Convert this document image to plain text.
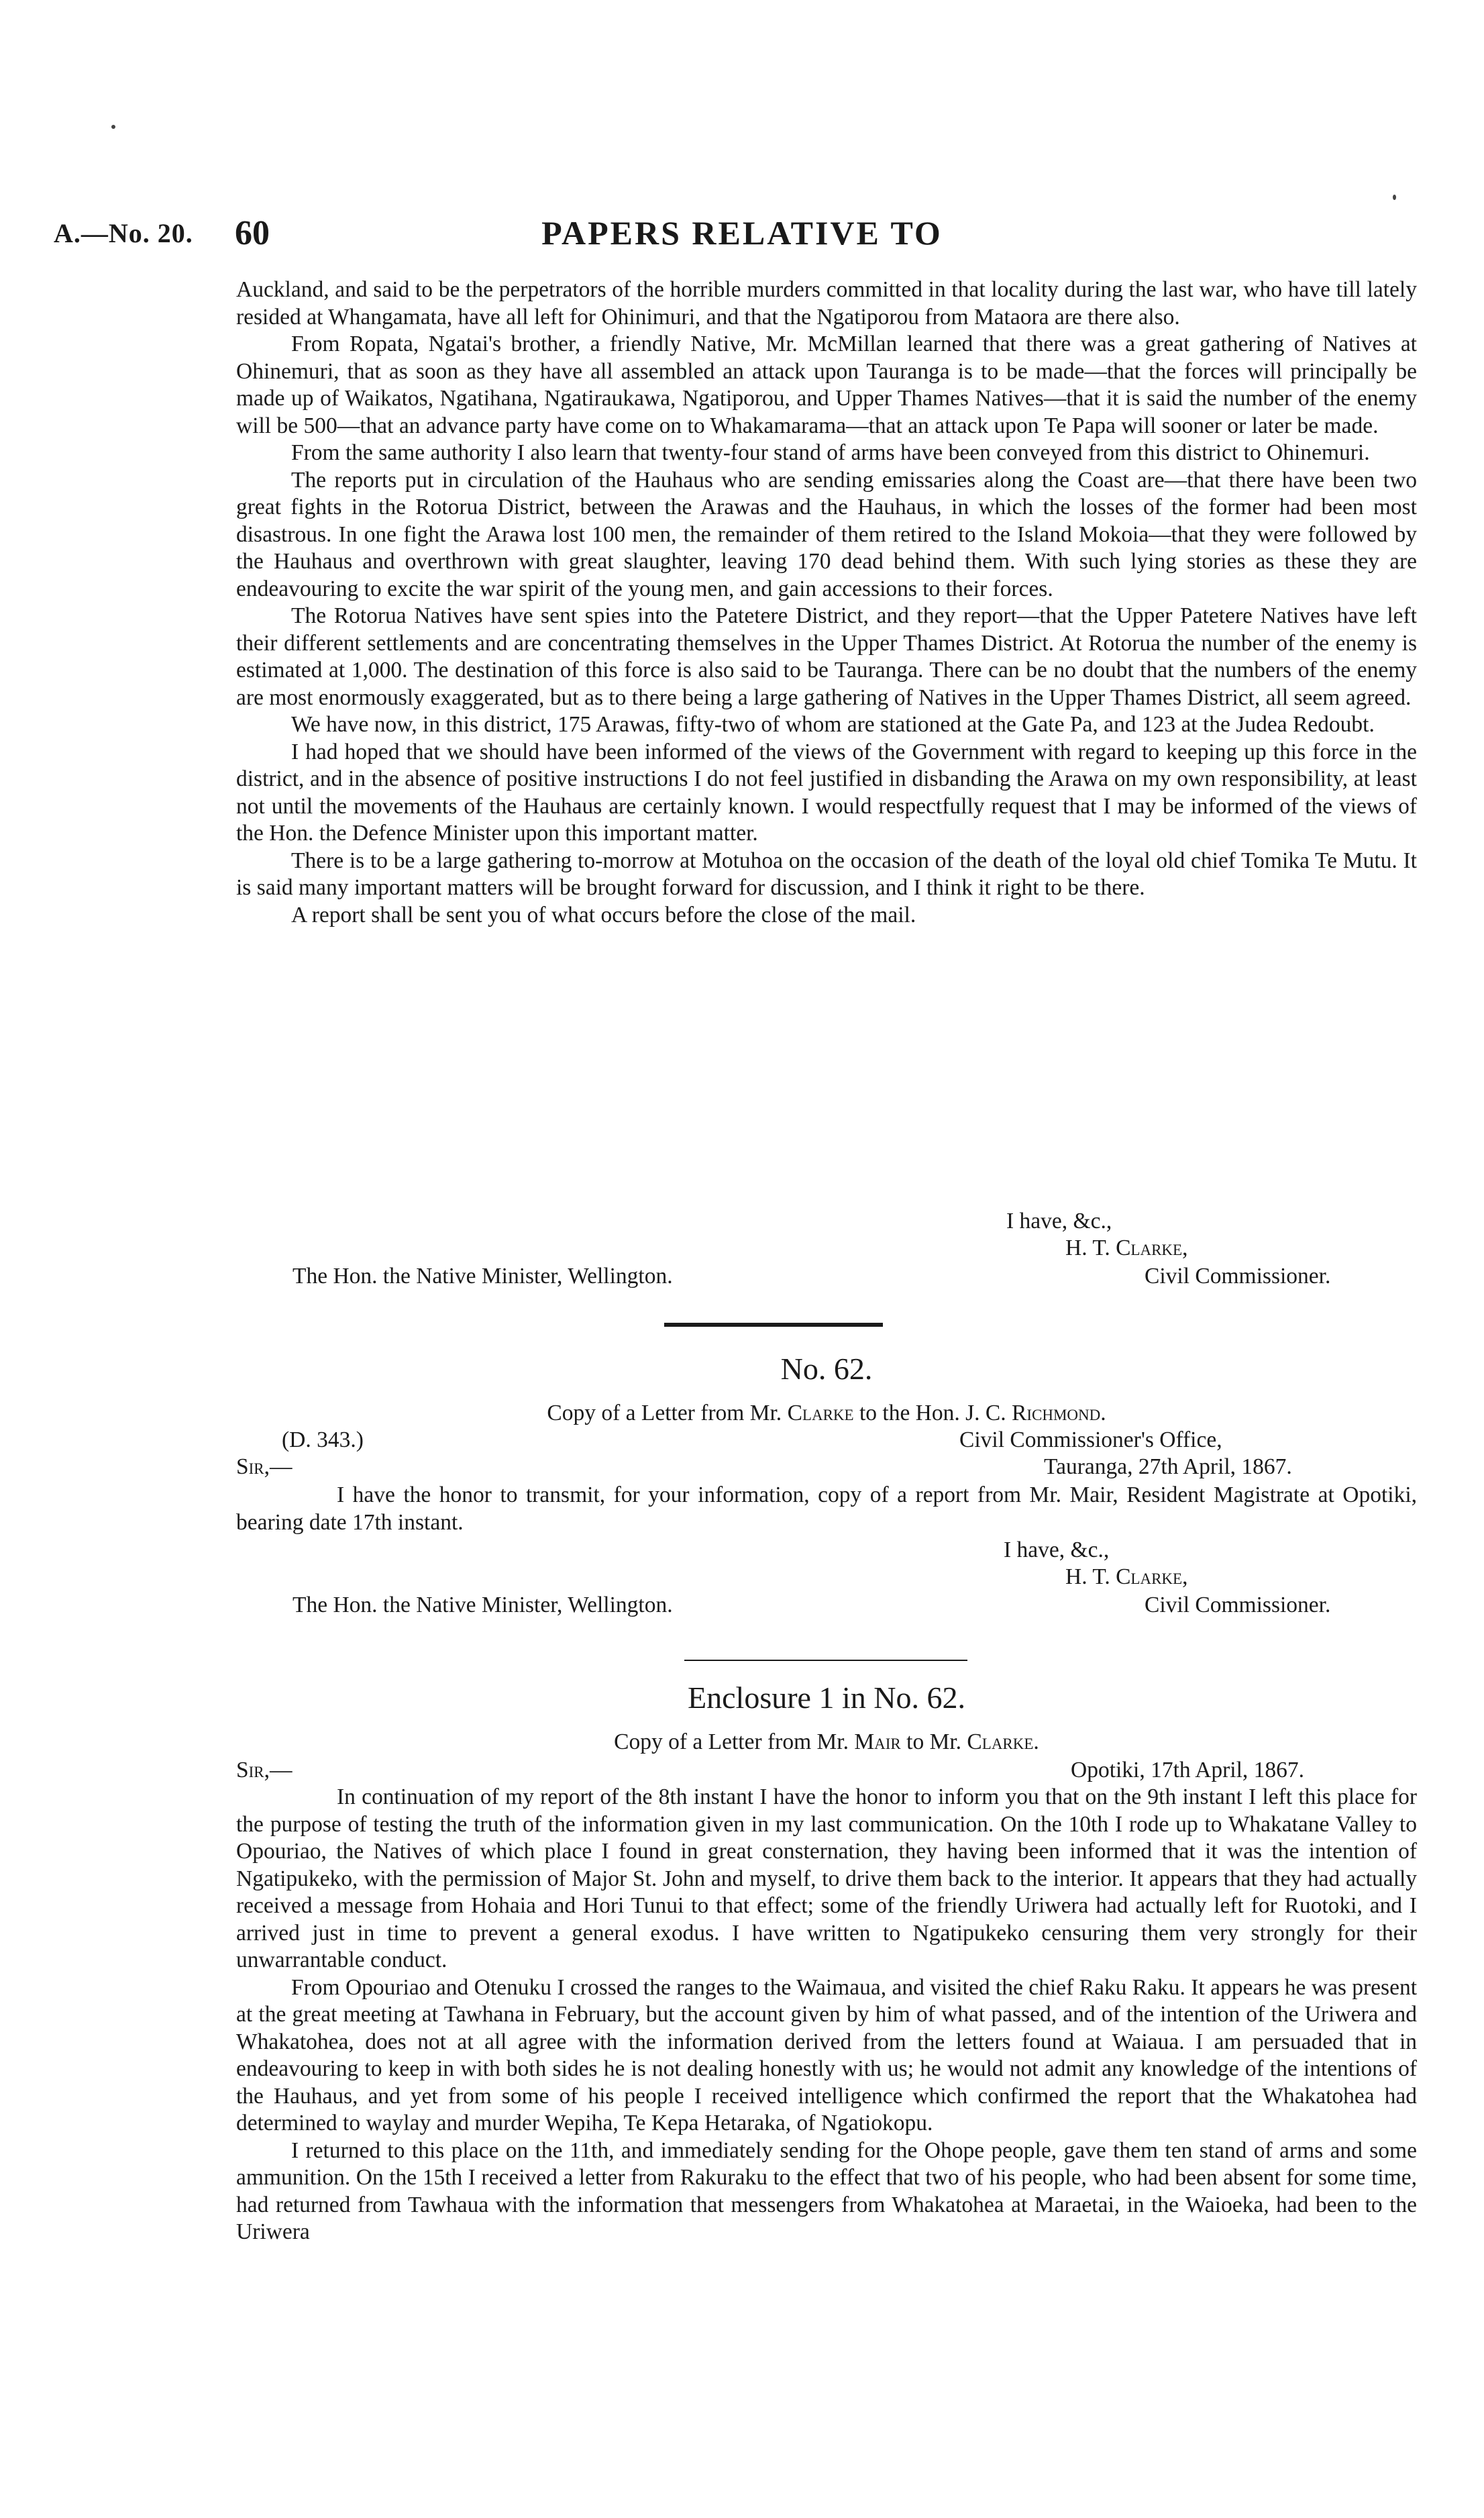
A.—No. 20. 60	PAPERS RELATIVE TO

Auckland, and said to be the perpetrators of the horrible murders committed in that locality during the last war, who have till lately resided at Whangamata, have all left for Ohinimuri, and that the Ngatiporou from Mataora are there also.

From Ropata, Ngatai's brother, a friendly Native, Mr. McMillan learned that there was a great gathering of Natives at Ohinemuri, that as soon as they have all assembled an attack upon Tauranga is to be made—that the forces will principally be made up of Waikatos, Ngatihana, Ngatiraukawa, Ngatiporou, and Upper Thames Natives—that it is said the number of the enemy will be 500—that an advance party have come on to Whakamarama—that an attack upon Te Papa will sooner or later be made.

From the same authority I also learn that twenty-four stand of arms have been conveyed from this district to Ohinemuri.

The reports put in circulation of the Hauhaus who are sending emissaries along the Coast are—that there have been two great fights in the Rotorua District, between the Arawas and the Hauhaus, in which the losses of the former had been most disastrous. In one fight the Arawa lost 100 men, the remainder of them retired to the Island Mokoia—that they were followed by the Hauhaus and overthrown with great slaughter, leaving 170 dead behind them. With such lying stories as these they are endeavouring to excite the war spirit of the young men, and gain accessions to their forces.

The Rotorua Natives have sent spies into the Patetere District, and they report—that the Upper Patetere Natives have left their different settlements and are concentrating themselves in the Upper Thames District. At Rotorua the number of the enemy is estimated at 1,000. The destination of this force is also said to be Tauranga. There can be no doubt that the numbers of the enemy are most enormously exaggerated, but as to there being a large gathering of Natives in the Upper Thames District, all seem agreed.

We have now, in this district, 175 Arawas, fifty-two of whom are stationed at the Gate Pa, and 123 at the Judea Redoubt.

I had hoped that we should have been informed of the views of the Government with regard to keeping up this force in the district, and in the absence of positive instructions I do not feel justified in disbanding the Arawa on my own responsibility, at least not until the movements of the Hauhaus are certainly known. I would respectfully request that I may be informed of the views of the Hon. the Defence Minister upon this important matter.

There is to be a large gathering to-morrow at Motuhoa on the occasion of the death of the loyal old chief Tomika Te Mutu. It is said many important matters will be brought forward for discussion, and I think it right to be there.

A report shall be sent you of what occurs before the close of the mail.

I have, &c.,
H. T. Clarke,
The Hon. the Native Minister, Wellington.	Civil Commissioner.
No. 62.
Copy of a Letter from Mr. Clarke to the Hon. J. C. Richmond.
(D. 343.)	Civil Commissioner's Office,
Sir,—	Tauranga, 27th April, 1867.

I have the honor to transmit, for your information, copy of a report from Mr. Mair, Resident Magistrate at Opotiki, bearing date 17th instant.

I have, &c.,
H. T. Clarke,
The Hon. the Native Minister, Wellington.	Civil Commissioner.
Enclosure 1 in No. 62.
Copy of a Letter from Mr. Mair to Mr. Clarke.
Sir,—	Opotiki, 17th April, 1867.

In continuation of my report of the 8th instant I have the honor to inform you that on the 9th instant I left this place for the purpose of testing the truth of the information given in my last communication. On the 10th I rode up to Whakatane Valley to Opouriao, the Natives of which place I found in great consternation, they having been informed that it was the intention of Ngatipukeko, with the permission of Major St. John and myself, to drive them back to the interior. It appears that they had actually received a message from Hohaia and Hori Tunui to that effect; some of the friendly Uriwera had actually left for Ruotoki, and I arrived just in time to prevent a general exodus. I have written to Ngatipukeko censuring them very strongly for their unwarrantable conduct.

From Opouriao and Otenuku I crossed the ranges to the Waimaua, and visited the chief Raku Raku. It appears he was present at the great meeting at Tawhana in February, but the account given by him of what passed, and of the intention of the Uriwera and Whakatohea, does not at all agree with the information derived from the letters found at Waiaua. I am persuaded that in endeavouring to keep in with both sides he is not dealing honestly with us; he would not admit any knowledge of the intentions of the Hauhaus, and yet from some of his people I received intelligence which confirmed the report that the Whakatohea had determined to waylay and murder Wepiha, Te Kepa Hetaraka, of Ngatiokopu.

I returned to this place on the 11th, and immediately sending for the Ohope people, gave them ten stand of arms and some ammunition. On the 15th I received a letter from Rakuraku to the effect that two of his people, who had been absent for some time, had returned from Tawhaua with the information that messengers from Whakatohea at Maraetai, in the Waioeka, had been to the Uriwera
